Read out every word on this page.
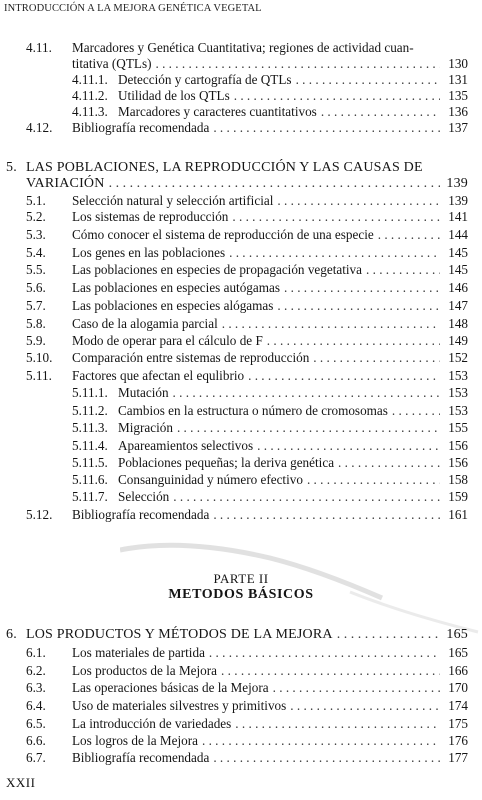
INTRODUCCIÓN A LA MEJORA GENÉTICA VEGETAL
4.11. Marcadores y Genética Cuantitativa; regiones de actividad cuan-
titativa (QTLs) . . .	130
4.11.1. Detección y cartografía de QTLs . . .	131
4.11.2. Utilidad de los QTLs . . .	135
4.11.3. Marcadores y caracteres cuantitativos . . .	136
4.12.	Bibliografía recomendada . . .	137
5. LAS POBLACIONES, LA REPRODUCCIÓN Y LAS CAUSAS DE
VARIACIÓN . . .	139
5.1.	Selección natural y selección artificial . . .	139
5.2.	Los sistemas de reproducción . . .	141
5.3.	Cómo conocer el sistema de reproducción de una especie . . .	144
5.4.	Los genes en las poblaciones . . .	145
5.5.	Las poblaciones en especies de propagación vegetativa . . .	145
5.6.	Las poblaciones en especies autógamas . . .	146
5.7.	Las poblaciones en especies alógamas . . .	147
5.8.	Caso de la alogamia parcial . . .	148
5.9.	Modo de operar para el cálculo de F . . .	149
5.10.	Comparación entre sistemas de reproducción . . .	152
5.11.	Factores que afectan el equlibrio . . .	153
5.11.1. Mutación . . .	153
5.11.2. Cambios en la estructura o número de cromosomas . . .	153
5.11.3. Migración . . .	155
5.11.4. Apareamientos selectivos . . .	156
5.11.5. Poblaciones pequeñas; la deriva genética . . .	156
5.11.6. Consanguinidad y número efectivo . . .	158
5.11.7. Selección . . .	159
5.12.	Bibliografía recomendada . . .	161
PARTE II
METODOS BÁSICOS
6. LOS PRODUCTOS Y MÉTODOS DE LA MEJORA . . .	165
6.1.	Los materiales de partida . . .	165
6.2.	Los productos de la Mejora . . .	166
6.3.	Las operaciones básicas de la Mejora . . .	170
6.4.	Uso de materiales silvestres y primitivos . . .	174
6.5.	La introducción de variedades . . .	175
6.6.	Los logros de la Mejora . . .	176
6.7.	Bibliografía recomendada . . .	177
XXII
